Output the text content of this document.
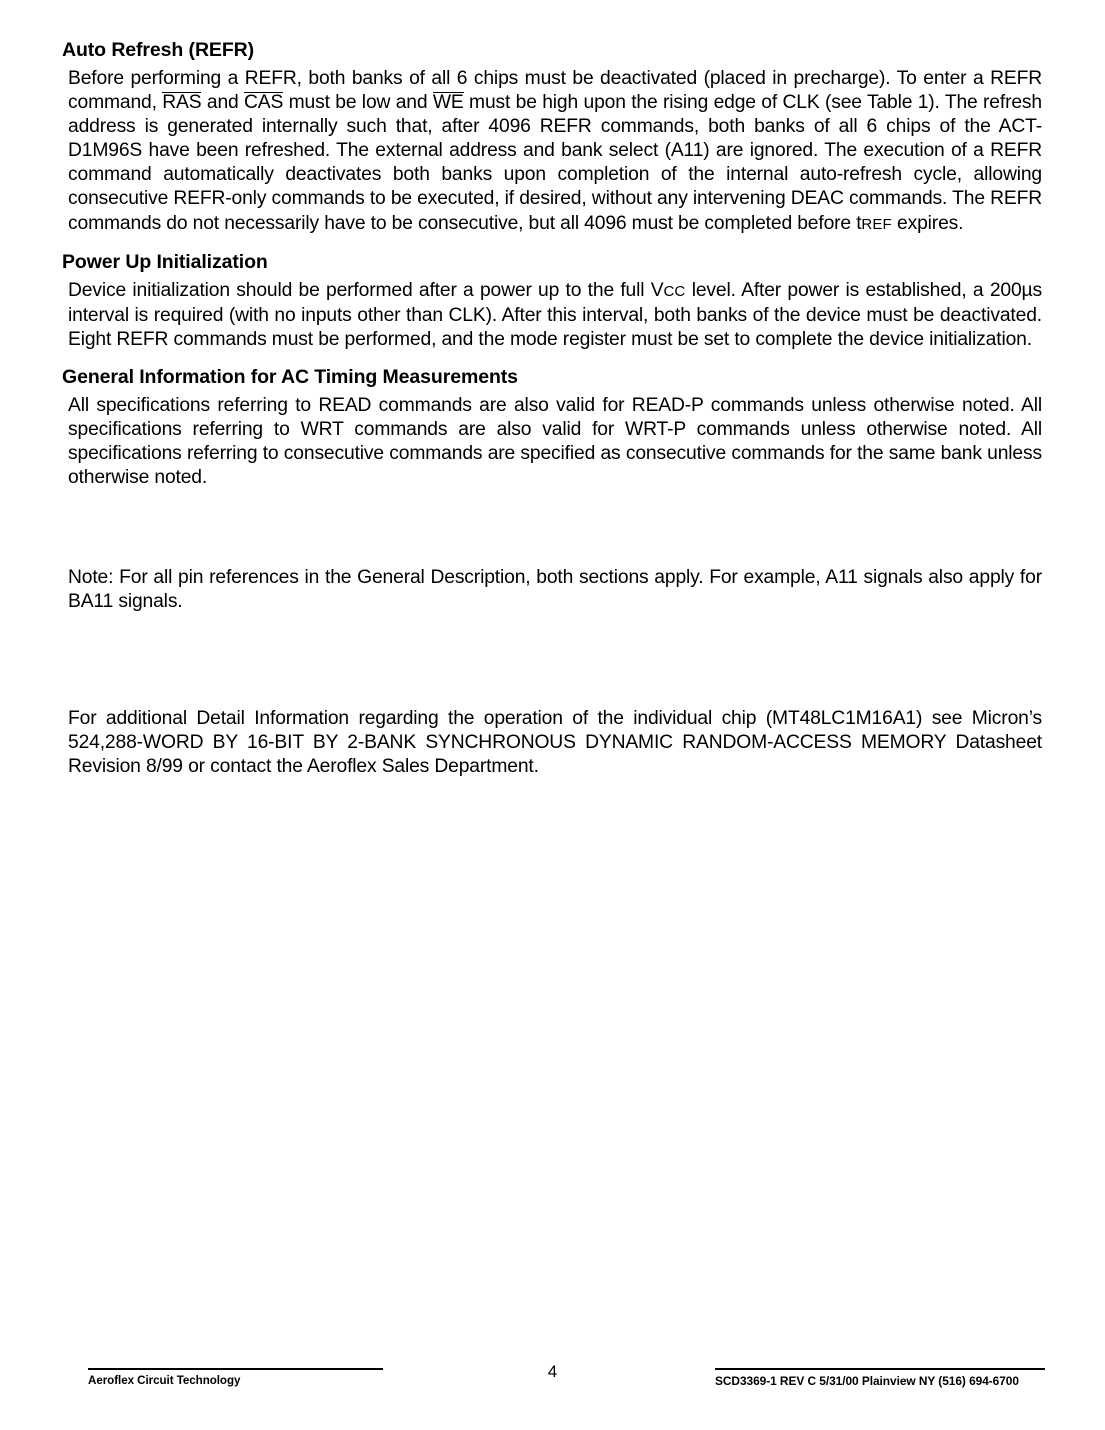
Auto Refresh (REFR)

Before performing a REFR, both banks of all 6 chips must be deactivated (placed in precharge). To enter a REFR command, RAS and CAS must be low and WE must be high upon the rising edge of CLK (see Table 1). The refresh address is generated internally such that, after 4096 REFR commands, both banks of all 6 chips of the ACT-D1M96S have been refreshed. The external address and bank select (A11) are ignored. The execution of a REFR command automatically deactivates both banks upon completion of the internal auto-refresh cycle, allowing consecutive REFR-only commands to be executed, if desired, without any intervening DEAC commands. The REFR commands do not necessarily have to be consecutive, but all 4096 must be completed before tREF expires.

Power Up Initialization

Device initialization should be performed after a power up to the full VCC level. After power is established, a 200µs interval is required (with no inputs other than CLK). After this interval, both banks of the device must be deactivated. Eight REFR commands must be performed, and the mode register must be set to complete the device initialization.

General Information for AC Timing Measurements

All specifications referring to READ commands are also valid for READ-P commands unless otherwise noted. All specifications referring to WRT commands are also valid for WRT-P commands unless otherwise noted. All specifications referring to consecutive commands are specified as consecutive commands for the same bank unless otherwise noted.

Note: For all pin references in the General Description, both sections apply. For example, A11 signals also apply for BA11 signals.

For additional Detail Information regarding the operation of the individual chip (MT48LC1M16A1) see Micron’s 524,288-WORD BY 16-BIT BY 2-BANK SYNCHRONOUS DYNAMIC RANDOM-ACCESS MEMORY Datasheet Revision 8/99 or contact the Aeroflex Sales Department.

4
Aeroflex Circuit Technology	SCD3369-1 REV C 5/31/00 Plainview NY (516) 694-6700
